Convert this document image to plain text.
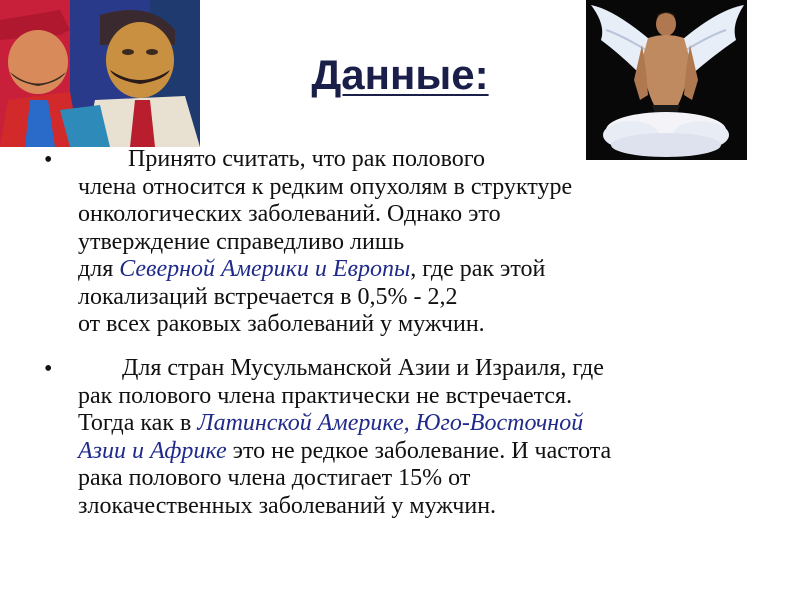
Данные:
•	Принято считать, что рак полового
члена относится к редким опухолям в структуре
онкологических заболеваний. Однако это
утверждение справедливо лишь
для Северной Америки и Европы, где рак этой
локализаций встречается в 0,5% - 2,2
от всех раковых заболеваний у мужчин.
•	Для стран Мусульманской Азии и Израиля, где
рак полового члена практически не встречается.
Тогда как в Латинской Америке, Юго-Восточной
Азии и Африке это не редкое заболевание. И частота
рака полового члена достигает 15% от
злокачественных заболеваний у мужчин.
